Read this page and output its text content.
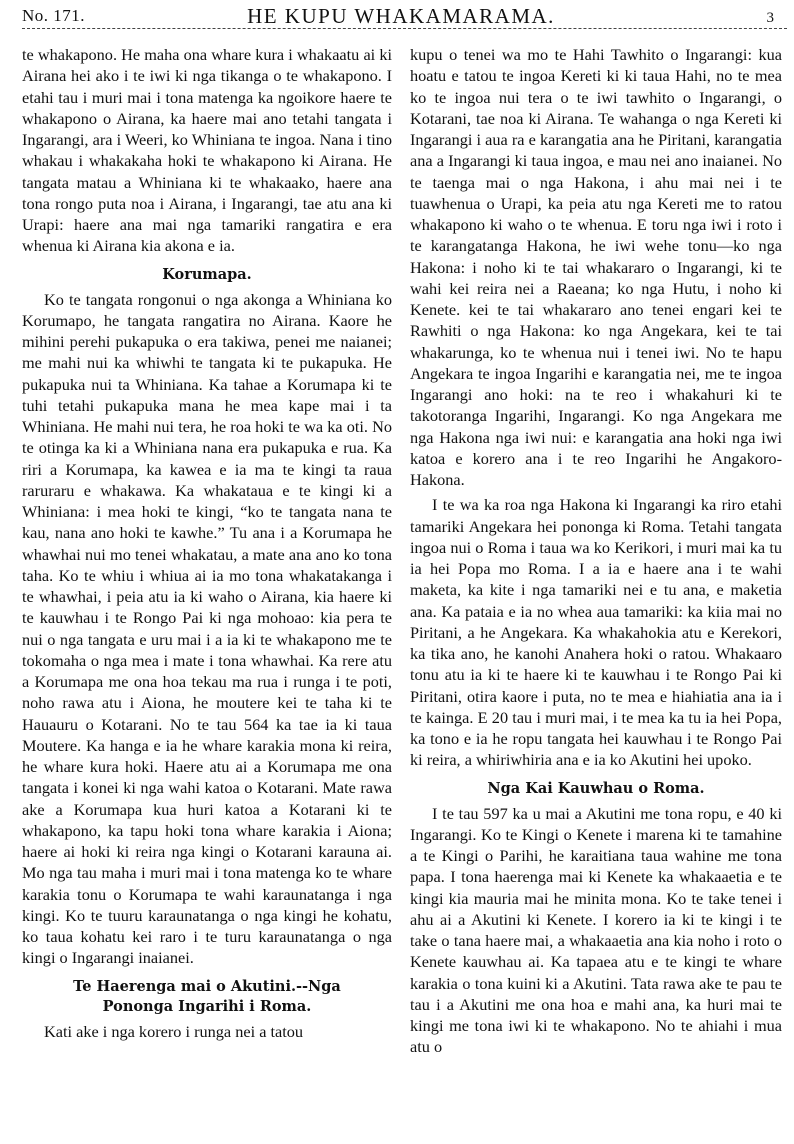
No. 171.	HE KUPU WHAKAMARAMA.	3

te whakapono. He maha ona whare kura i whakaatu ai ki Airana hei ako i te iwi ki nga tikanga o te whakapono. I etahi tau i muri mai i tona matenga ka ngoikore haere te whakapono o Airana, ka haere mai ano tetahi tangata i Ingarangi, ara i Weeri, ko Whiniana te ingoa. Nana i tino whakau i whakakaha hoki te whakapono ki Airana. He tangata matau a Whiniana ki te whakaako, haere ana tona rongo puta noa i Airana, i Ingarangi, tae atu ana ki Urapi: haere ana mai nga tamariki rangatira e era whenua ki Airana kia akona e ia.

Korumapa.

Ko te tangata rongonui o nga akonga a Whiniana ko Korumapo, he tangata rangatira no Airana. Kaore he mihini perehi pukapuka o era takiwa, penei me naianei; me mahi nui ka whiwhi te tangata ki te pukapuka. He pukapuka nui ta Whiniana. Ka tahae a Korumapa ki te tuhi tetahi pukapuka mana he mea kape mai i ta Whiniana. He mahi nui tera, he roa hoki te wa ka oti. No te otinga ka ki a Whiniana nana era pukapuka e rua. Ka riri a Korumapa, ka kawea e ia ma te kingi ta raua raruraru e whakawa. Ka whakataua e te kingi ki a Whiniana: i mea hoki te kingi, “ko te tangata nana te kau, nana ano hoki te kawhe.” Tu ana i a Korumapa he whawhai nui mo tenei whakatau, a mate ana ano ko tona taha. Ko te whiu i whiua ai ia mo tona whakatakanga i te whawhai, i peia atu ia ki waho o Airana, kia haere ki te kauwhau i te Rongo Pai ki nga mohoao: kia pera te nui o nga tangata e uru mai i a ia ki te whakapono me te tokomaha o nga mea i mate i tona whawhai. Ka rere atu a Korumapa me ona hoa tekau ma rua i runga i te poti, noho rawa atu i Aiona, he moutere kei te taha ki te Hauauru o Kotarani. No te tau 564 ka tae ia ki taua Moutere. Ka hanga e ia he whare karakia mona ki reira, he whare kura hoki. Haere atu ai a Korumapa me ona tangata i konei ki nga wahi katoa o Kotarani. Mate rawa ake a Korumapa kua huri katoa a Kotarani ki te whakapono, ka tapu hoki tona whare karakia i Aiona; haere ai hoki ki reira nga kingi o Kotarani karauna ai. Mo nga tau maha i muri mai i tona matenga ko te whare karakia tonu o Korumapa te wahi karaunatanga i nga kingi. Ko te tuuru karaunatanga o nga kingi he kohatu, ko taua kohatu kei raro i te turu karaunatanga o nga kingi o Ingarangi inaianei.

Te Haerenga mai o Akutini.--Nga
Pononga Ingarihi i Roma.

Kati ake i nga korero i runga nei a tatou

kupu o tenei wa mo te Hahi Tawhito o Ingarangi: kua hoatu e tatou te ingoa Kereti ki ki taua Hahi, no te mea ko te ingoa nui tera o te iwi tawhito o Ingarangi, o Kotarani, tae noa ki Airana. Te wahanga o nga Kereti ki Ingarangi i aua ra e karangatia ana he Piritani, karangatia ana a Ingarangi ki taua ingoa, e mau nei ano inaianei. No te taenga mai o nga Hakona, i ahu mai nei i te tuawhenua o Urapi, ka peia atu nga Kereti me to ratou whakapono ki waho o te whenua. E toru nga iwi i roto i te karangatanga Hakona, he iwi wehe tonu—ko nga Hakona: i noho ki te tai whakararo o Ingarangi, ki te wahi kei reira nei a Raeana; ko nga Hutu, i noho ki Kenete. kei te tai whakararo ano tenei engari kei te Rawhiti o nga Hakona: ko nga Angekara, kei te tai whakarunga, ko te whenua nui i tenei iwi. No te hapu Angekara te ingoa Ingarihi e karangatia nei, me te ingoa Ingarangi ano hoki: na te reo i whakahuri ki te takotoranga Ingarihi, Ingarangi. Ko nga Angekara me nga Hakona nga iwi nui: e karangatia ana hoki nga iwi katoa e korero ana i te reo Ingarihi he Angakoro-Hakona.

I te wa ka roa nga Hakona ki Ingarangi ka riro etahi tamariki Angekara hei pononga ki Roma. Tetahi tangata ingoa nui o Roma i taua wa ko Kerikori, i muri mai ka tu ia hei Popa mo Roma. I a ia e haere ana i te wahi maketa, ka kite i nga tamariki nei e tu ana, e maketia ana. Ka pataia e ia no whea aua tamariki: ka kiia mai no Piritani, a he Angekara. Ka whakahokia atu e Kerekori, ka tika ano, he kanohi Anahera hoki o ratou. Whakaaro tonu atu ia ki te haere ki te kauwhau i te Rongo Pai ki Piritani, otira kaore i puta, no te mea e hiahiatia ana ia i te kainga. E 20 tau i muri mai, i te mea ka tu ia hei Popa, ka tono e ia he ropu tangata hei kauwhau i te Rongo Pai ki reira, a whiriwhiria ana e ia ko Akutini hei upoko.

Nga Kai Kauwhau o Roma.

I te tau 597 ka u mai a Akutini me tona ropu, e 40 ki Ingarangi. Ko te Kingi o Kenete i marena ki te tamahine a te Kingi o Parihi, he karaitiana taua wahine me tona papa. I tona haerenga mai ki Kenete ka whakaaetia e te kingi kia mauria mai he minita mona. Ko te take tenei i ahu ai a Akutini ki Kenete. I korero ia ki te kingi i te take o tana haere mai, a whakaaetia ana kia noho i roto o Kenete kauwhau ai. Ka tapaea atu e te kingi te whare karakia o tona kuini ki a Akutini. Tata rawa ake te pau te tau i a Akutini me ona hoa e mahi ana, ka huri mai te kingi me tona iwi ki te whakapono. No te ahiahi i mua atu o
